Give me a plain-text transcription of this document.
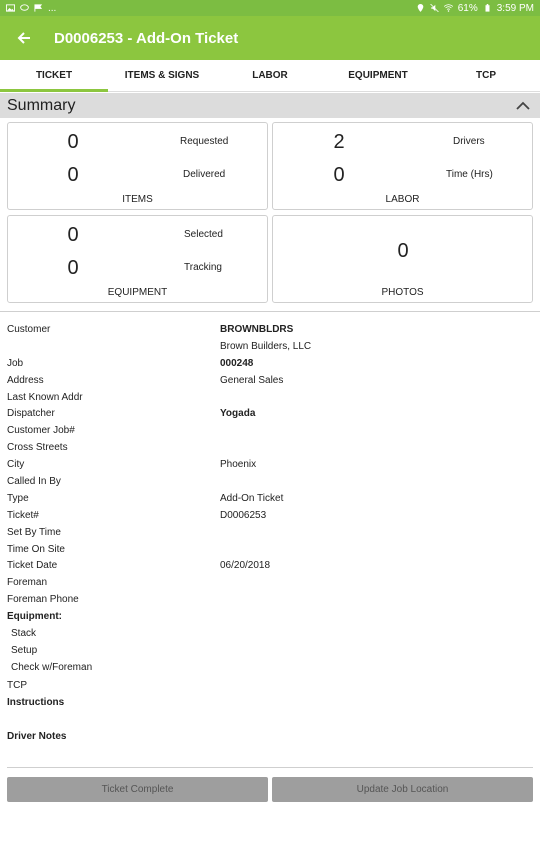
...	61% 3:59 PM
D0006253 - Add-On Ticket
TICKET	ITEMS & SIGNS	LABOR	EQUIPMENT	TCP
Summary
0	Requested
0	Delivered
ITEMS
2	Drivers
0	Time (Hrs)
LABOR
0	Selected
0	Tracking
EQUIPMENT
0
PHOTOS
Customer	BROWNBLDRS
Brown Builders, LLC
Job	000248
Address	General Sales
Last Known Addr
Dispatcher	Yogada
Customer Job#
Cross Streets
City	Phoenix
Called In By
Type	Add-On Ticket
Ticket#	D0006253
Set By Time
Time On Site
Ticket Date	06/20/2018
Foreman
Foreman Phone
Equipment:
Stack
Setup
Check w/Foreman
TCP
Instructions
Driver Notes
Ticket Complete	Update Job Location
